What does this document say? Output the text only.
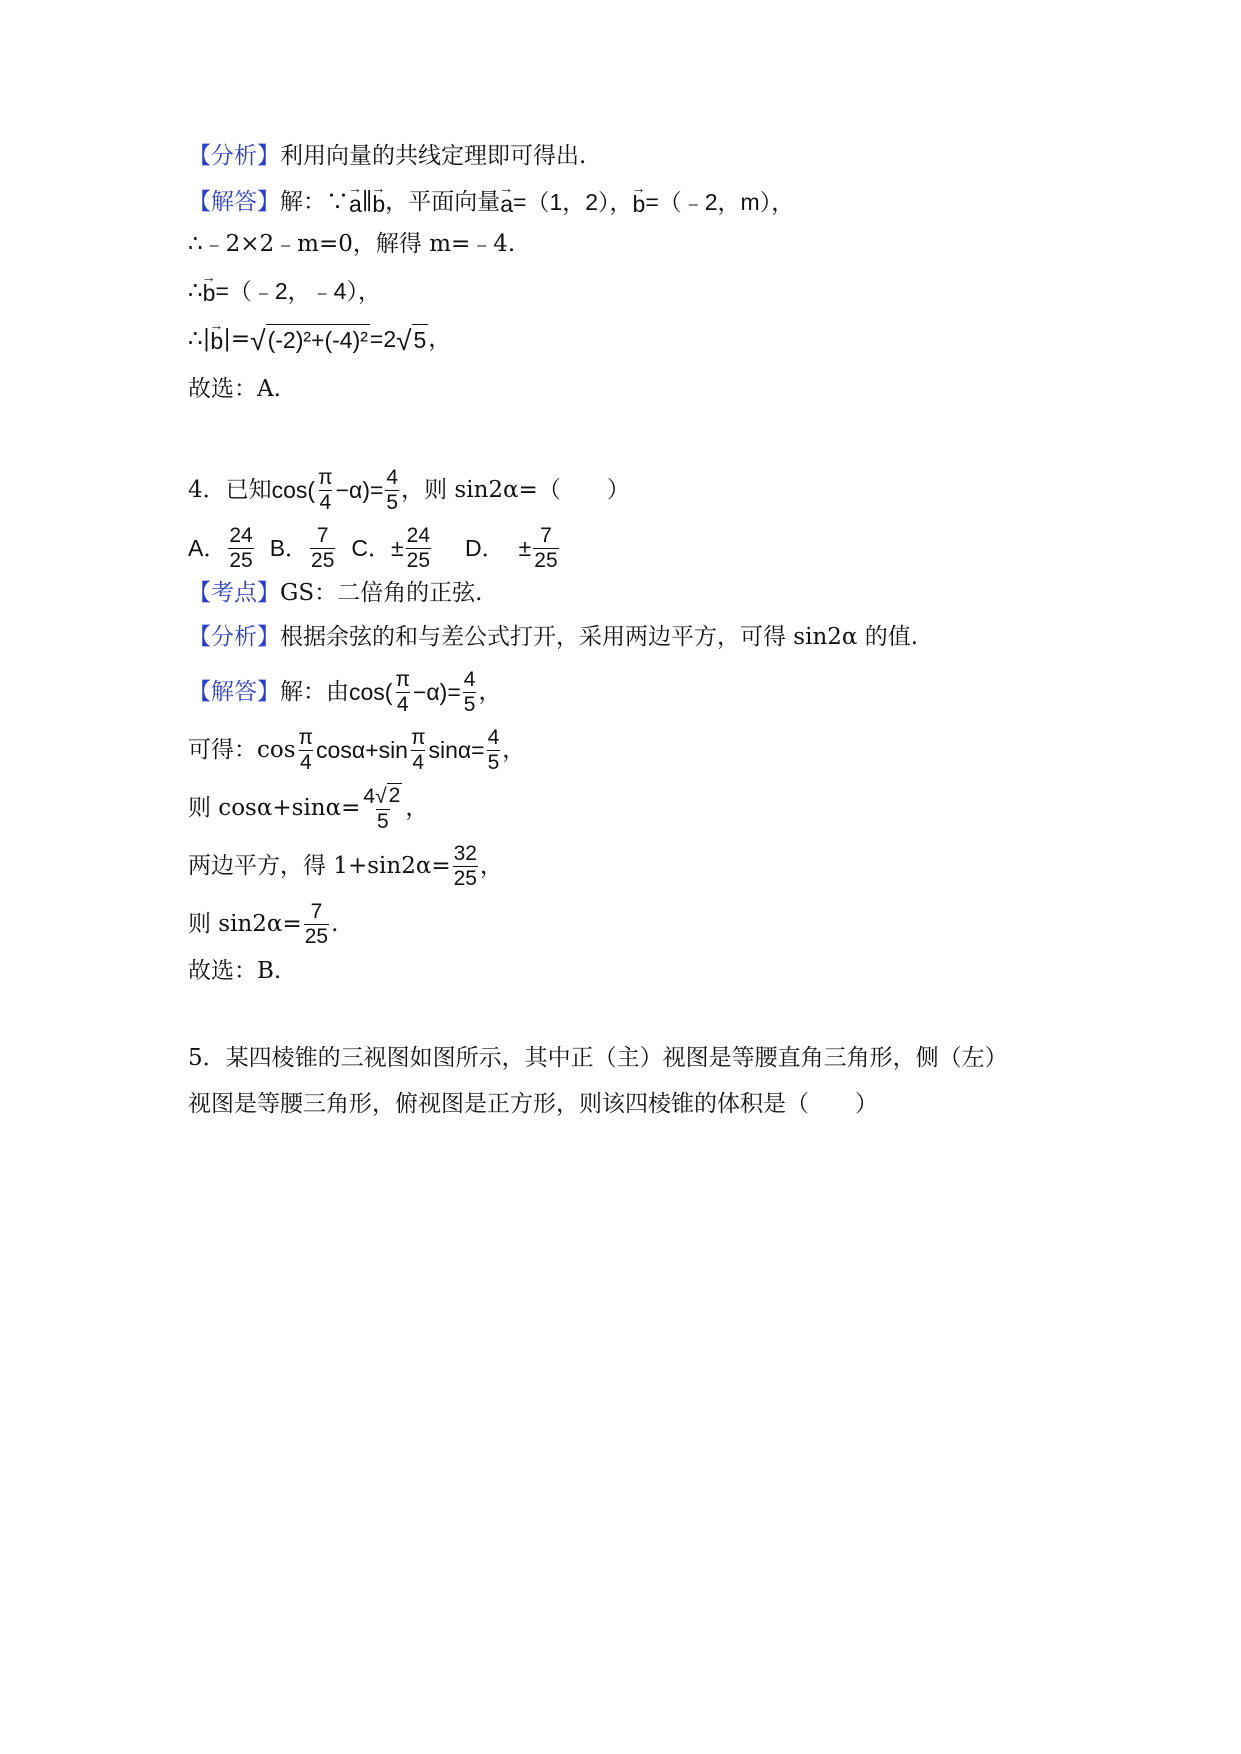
【分析】 利用向量的共线定理即可得出.
【解答】 解：∵ → a ∥ → b ，平面向量 → a =（1，2）， → b =（﹣2，m），
∴﹣2×2﹣m=0，解得 m=﹣4.
∴ → b =（﹣2，﹣4），
∴| → b |= √ (-2)²+(-4)² =2 √ 5 ，
故选：A.
4．已知 $\cos( \frac{\pi}{4} -\alpha)= \frac{4}{5}$ ，则 sin2α=（　　）
A． $\frac{24}{25}$ B． $\frac{7}{25}$ C． ± $\frac{24}{25}$ D． ± $\frac{7}{25}$
【考点】 GS：二倍角的正弦.
【分析】 根据余弦的和与差公式打开，采用两边平方，可得 sin2α 的值.
【解答】 解：由 $\cos( \frac{\pi}{4} -\alpha)= \frac{4}{5}$ ，
可得：$\cos \frac{\pi}{4} \cos\alpha+\sin \frac{\pi}{4} \sin\alpha= \frac{4}{5}$ ，
则 $\cos\alpha+\sin\alpha= \frac{4 √ 2}{5}$ ，
两边平方，得 $1+\sin 2\alpha= \frac{32}{25}$ ，
则 $\sin 2\alpha= \frac{7}{25}$ .
故选：B.
5．某四棱锥的三视图如图所示，其中正（主）视图是等腰直角三角形，侧（左）
视图是等腰三角形，俯视图是正方形，则该四棱锥的体积是（　　）
